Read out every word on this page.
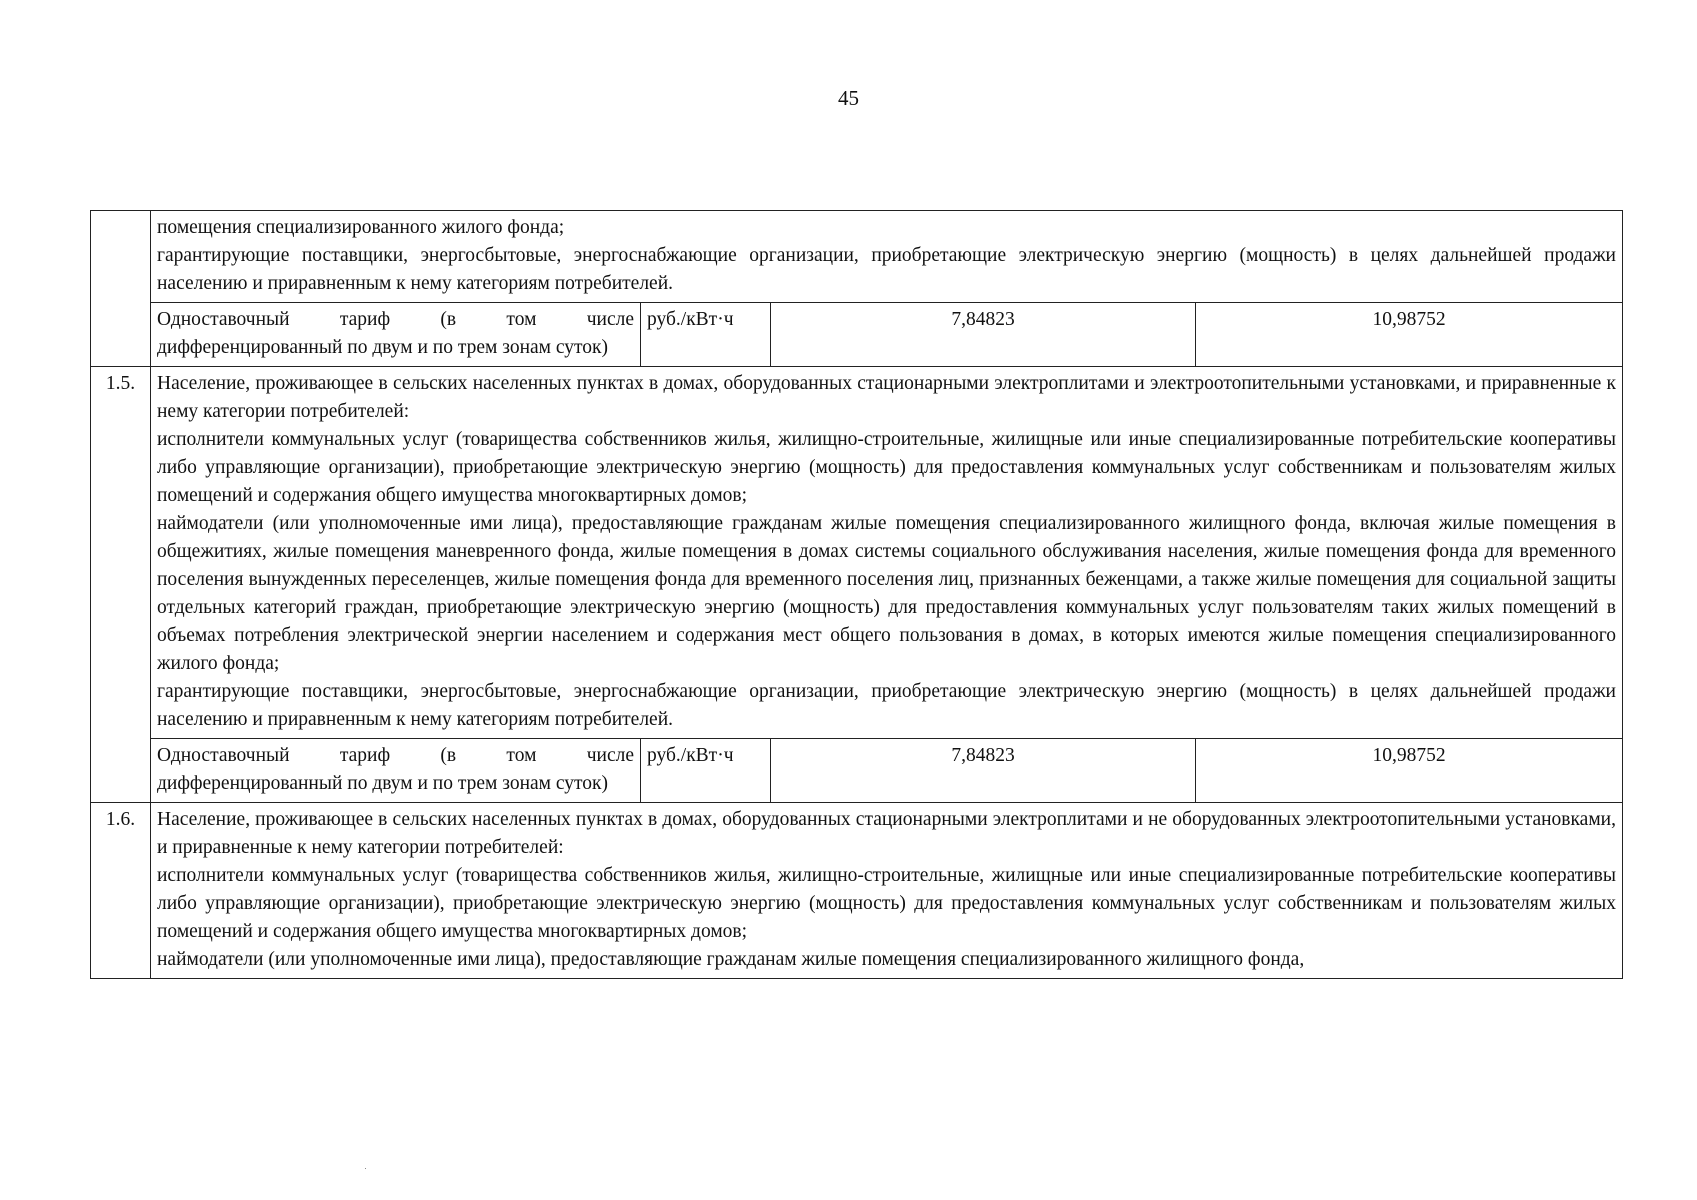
45

	помещения специализированного жилого фонда;

гарантирующие поставщики, энергосбытовые, энергоснабжающие организации, приобретающие электрическую энергию (мощность) в целях дальнейшей продажи населению и приравненным к нему категориям потребителей.			

	Одноставочный тариф (в том числе дифференцированный по двум и по трем зонам суток)	руб./кВт·ч	7,84823	10,98752
1.5.	Население, проживающее в сельских населенных пунктах в домах, оборудованных стационарными электроплитами и электроотопительными установками, и приравненные к нему категории потребителей:

исполнители коммунальных услуг (товарищества собственников жилья, жилищно-строительные, жилищные или иные специализированные потребительские кооперативы либо управляющие организации), приобретающие электрическую энергию (мощность) для предоставления коммунальных услуг собственникам и пользователям жилых помещений и содержания общего имущества многоквартирных домов;

наймодатели (или уполномоченные ими лица), предоставляющие гражданам жилые помещения специализированного жилищного фонда, включая жилые помещения в общежитиях, жилые помещения маневренного фонда, жилые помещения в домах системы социального обслуживания населения, жилые помещения фонда для временного поселения вынужденных переселенцев, жилые помещения фонда для временного поселения лиц, признанных беженцами, а также жилые помещения для социальной защиты отдельных категорий граждан, приобретающие электрическую энергию (мощность) для предоставления коммунальных услуг пользователям таких жилых помещений в объемах потребления электрической энергии населением и содержания мест общего пользования в домах, в которых имеются жилые помещения специализированного жилого фонда;

гарантирующие поставщики, энергосбытовые, энергоснабжающие организации, приобретающие электрическую энергию (мощность) в целях дальнейшей продажи населению и приравненным к нему категориям потребителей.			

	Одноставочный тариф (в том числе дифференцированный по двум и по трем зонам суток)	руб./кВт·ч	7,84823	10,98752
1.6.	Население, проживающее в сельских населенных пунктах в домах, оборудованных стационарными электроплитами и не оборудованных электроотопительными установками, и приравненные к нему категории потребителей:

исполнители коммунальных услуг (товарищества собственников жилья, жилищно-строительные, жилищные или иные специализированные потребительские кооперативы либо управляющие организации), приобретающие электрическую энергию (мощность) для предоставления коммунальных услуг собственникам и пользователям жилых помещений и содержания общего имущества многоквартирных домов;

наймодатели (или уполномоченные ими лица), предоставляющие гражданам жилые помещения специализированного жилищного фонда,			
